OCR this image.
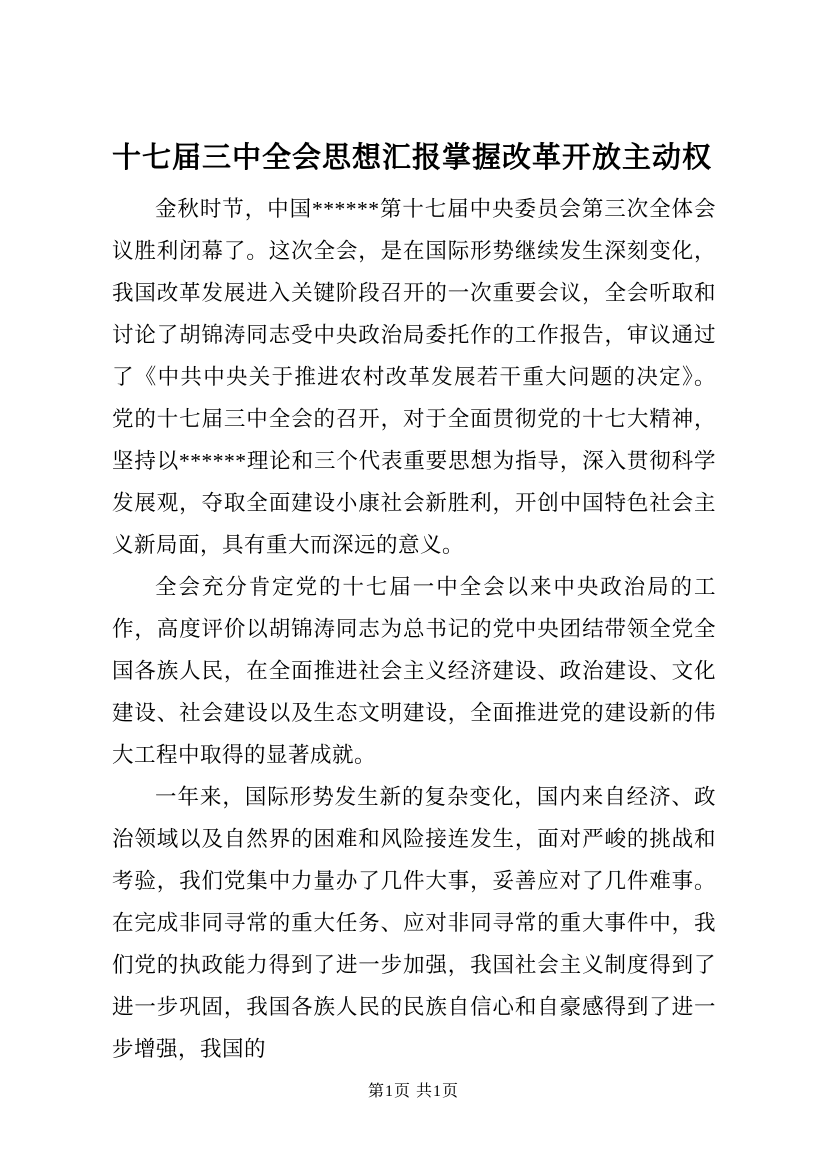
十七届三中全会思想汇报掌握改革开放主动权

金秋时节，中国******第十七届中央委员会第三次全体会议胜利闭幕了。这次全会，是在国际形势继续发生深刻变化，我国改革发展进入关键阶段召开的一次重要会议，全会听取和讨论了胡锦涛同志受中央政治局委托作的工作报告，审议通过了《中共中央关于推进农村改革发展若干重大问题的决定》。党的十七届三中全会的召开，对于全面贯彻党的十七大精神，坚持以******理论和三个代表重要思想为指导，深入贯彻科学发展观，夺取全面建设小康社会新胜利，开创中国特色社会主义新局面，具有重大而深远的意义。

全会充分肯定党的十七届一中全会以来中央政治局的工作，高度评价以胡锦涛同志为总书记的党中央团结带领全党全国各族人民，在全面推进社会主义经济建设、政治建设、文化建设、社会建设以及生态文明建设，全面推进党的建设新的伟大工程中取得的显著成就。

一年来，国际形势发生新的复杂变化，国内来自经济、政治领域以及自然界的困难和风险接连发生，面对严峻的挑战和考验，我们党集中力量办了几件大事，妥善应对了几件难事。在完成非同寻常的重大任务、应对非同寻常的重大事件中，我们党的执政能力得到了进一步加强，我国社会主义制度得到了进一步巩固，我国各族人民的民族自信心和自豪感得到了进一步增强，我国的

第1页 共1页
